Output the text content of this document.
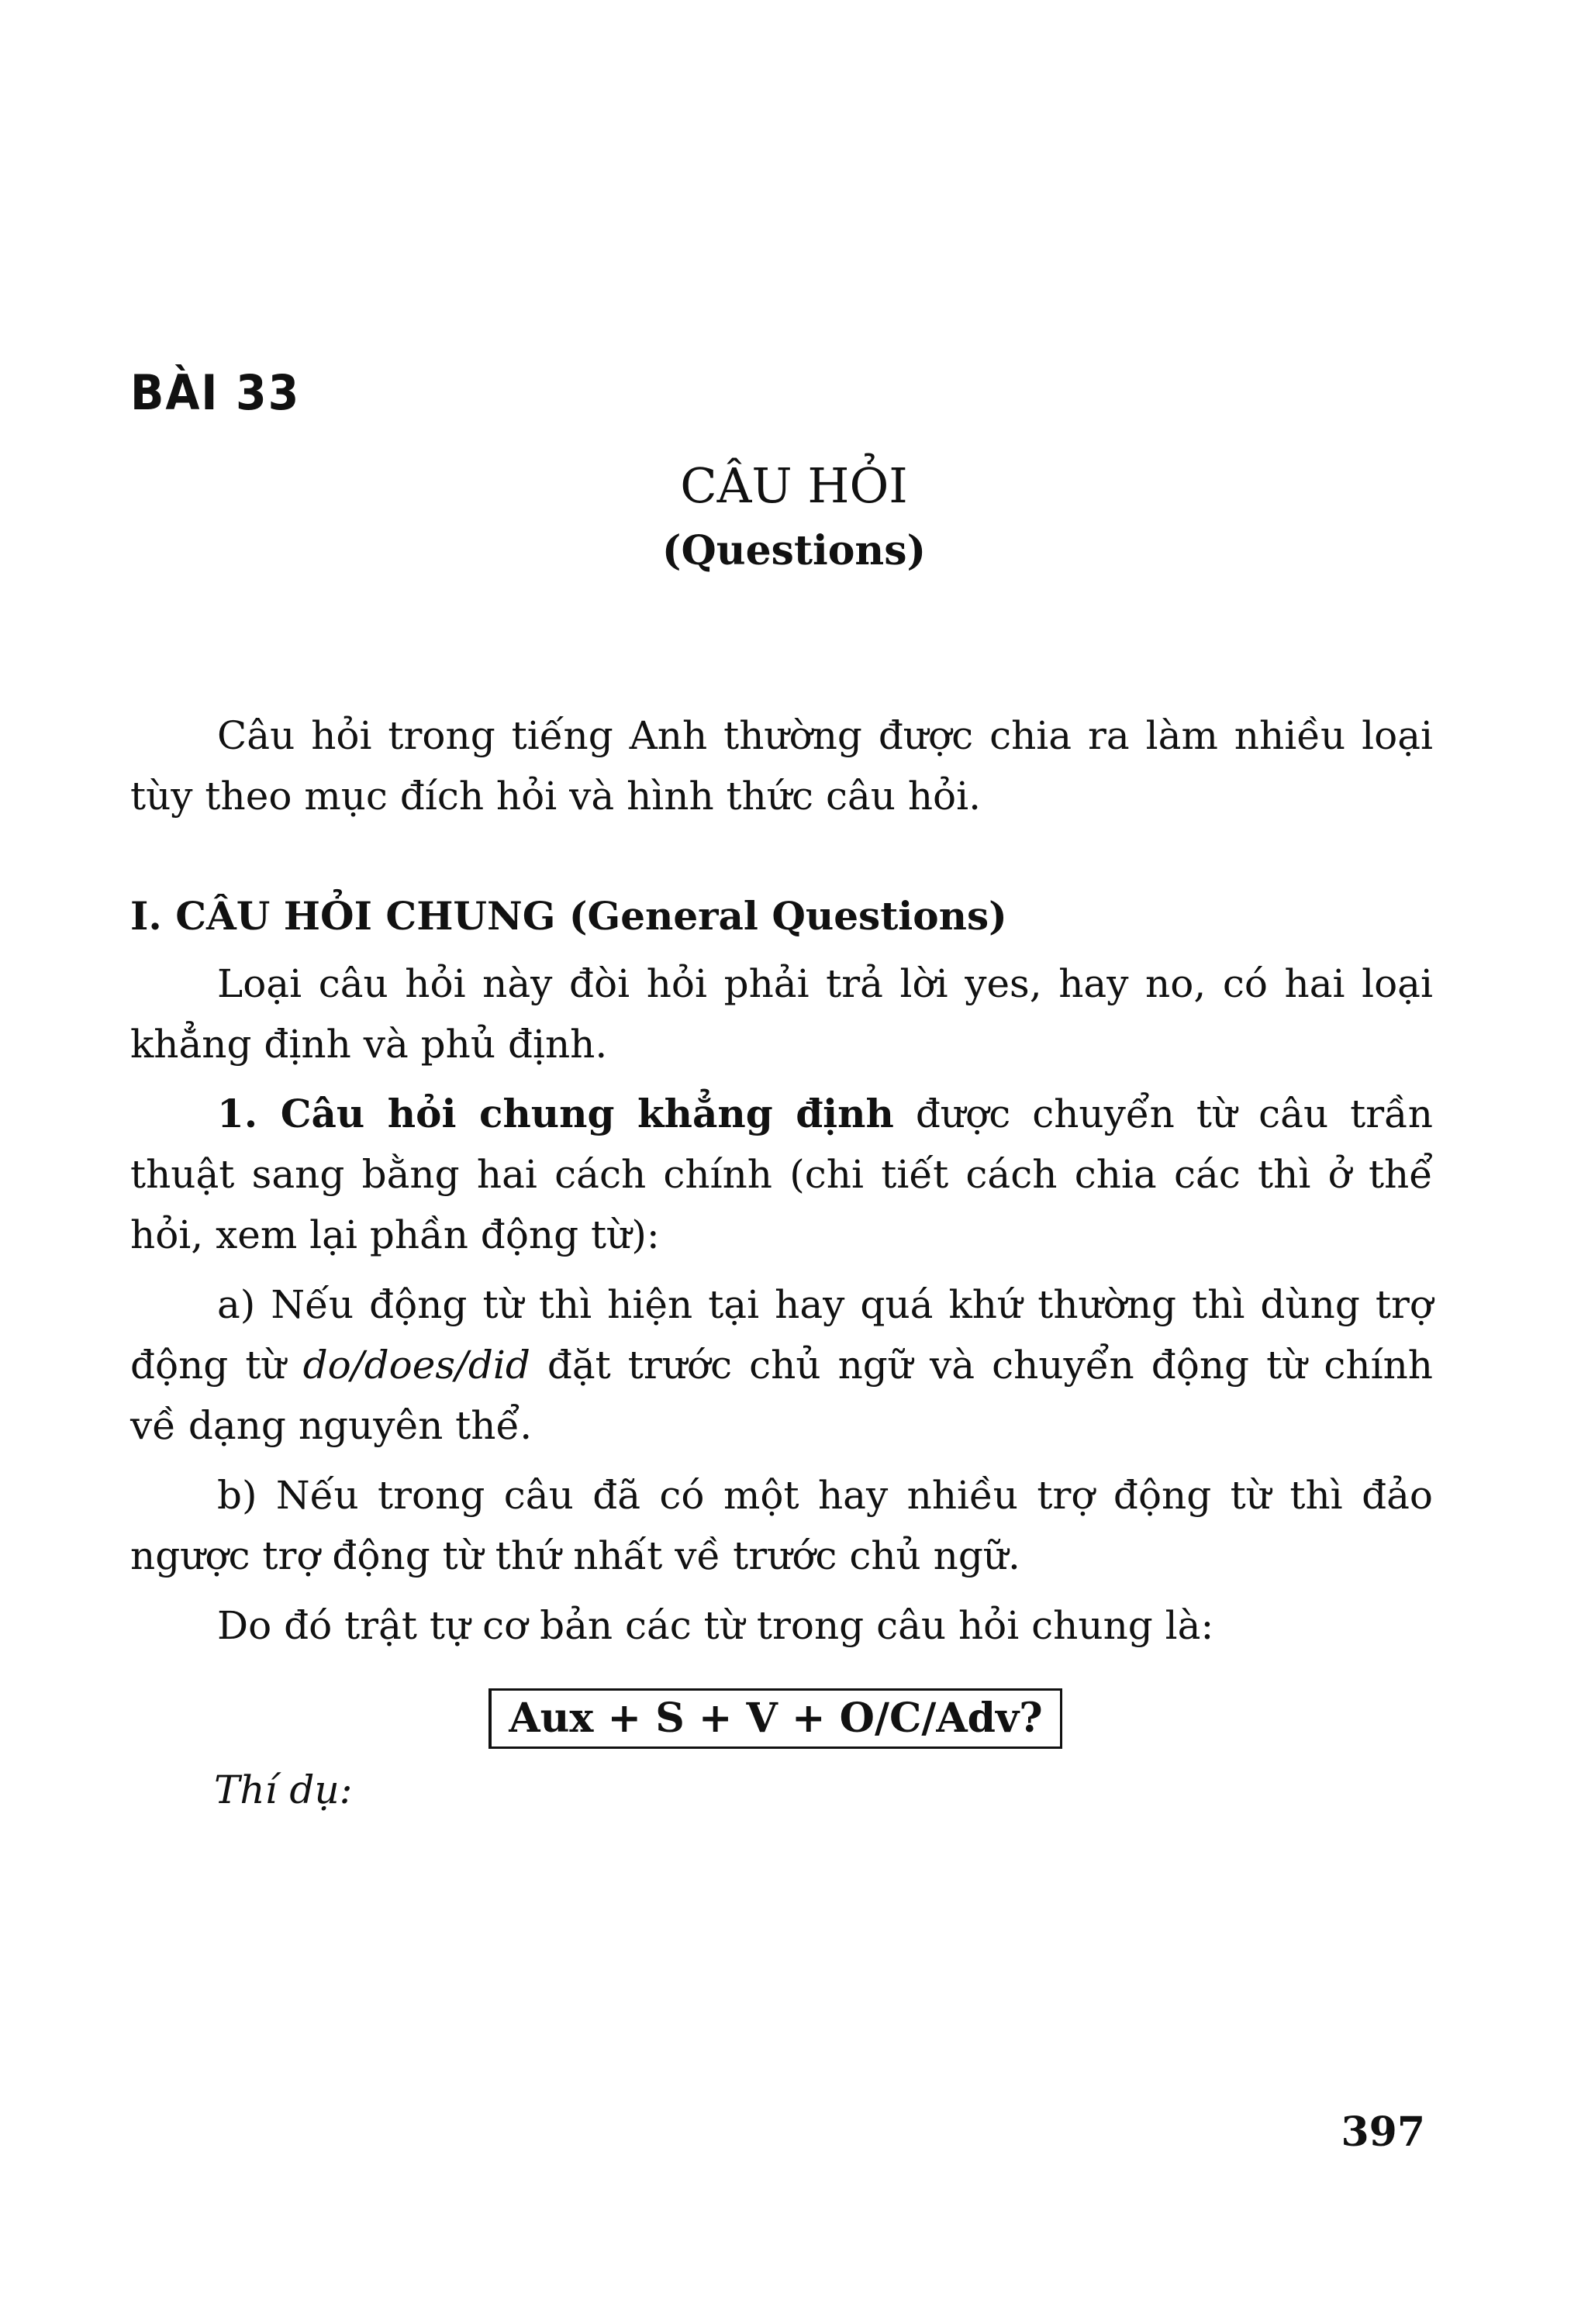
BÀI 33
CÂU HỎI
(Questions)

Câu hỏi trong tiếng Anh thường được chia ra làm nhiều loại tùy theo mục đích hỏi và hình thức câu hỏi.

I. CÂU HỎI CHUNG (General Questions)

Loại câu hỏi này đòi hỏi phải trả lời yes, hay no, có hai loại khẳng định và phủ định.

1. Câu hỏi chung khẳng định được chuyển từ câu trần thuật sang bằng hai cách chính (chi tiết cách chia các thì ở thể hỏi, xem lại phần động từ):

a) Nếu động từ thì hiện tại hay quá khứ thường thì dùng trợ động từ do/does/did đặt trước chủ ngữ và chuyển động từ chính về dạng nguyên thể.

b) Nếu trong câu đã có một hay nhiều trợ động từ thì đảo ngược trợ động từ thứ nhất về trước chủ ngữ.

Do đó trật tự cơ bản các từ trong câu hỏi chung là:

Aux + S + V + O/C/Adv?
Thí dụ:
397
